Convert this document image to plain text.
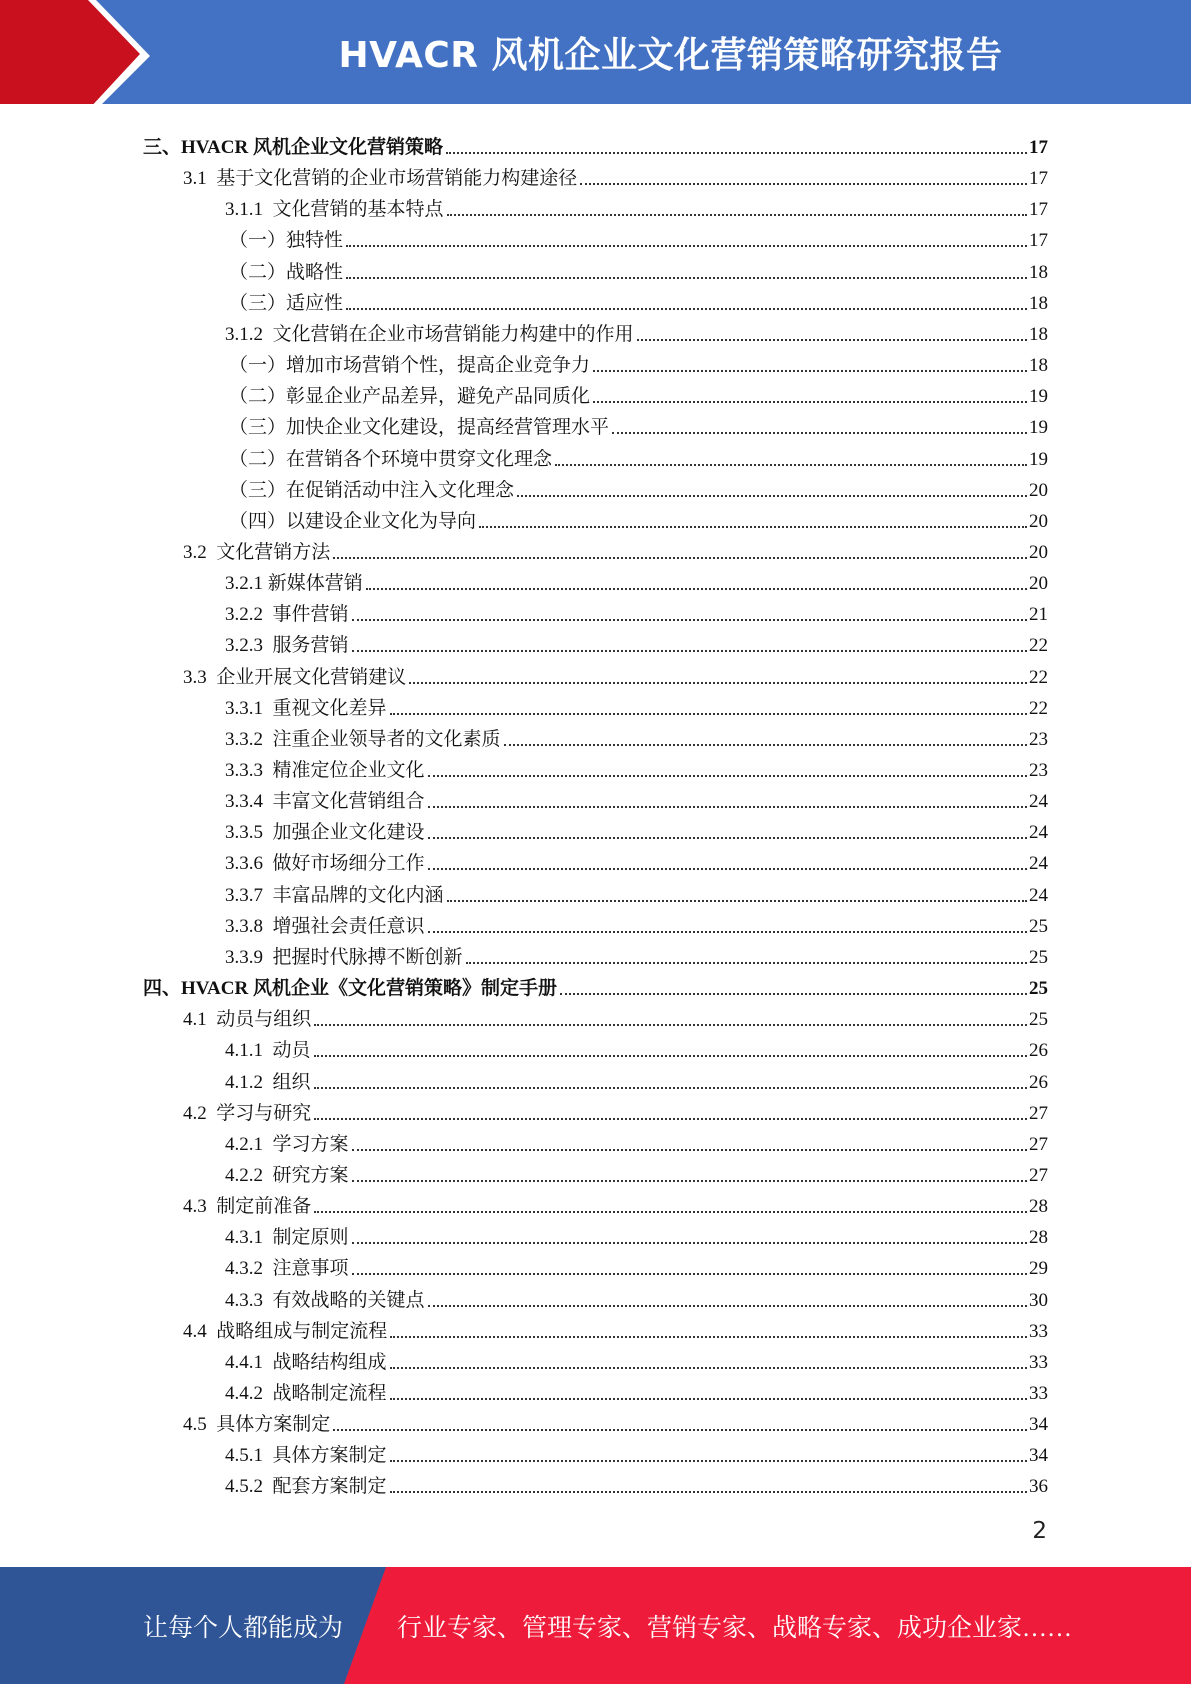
HVACR 风机企业文化营销策略研究报告
三、HVACR 风机企业文化营销策略	17
3.1  基于文化营销的企业市场营销能力构建途径	17
3.1.1  文化营销的基本特点	17
（一）独特性	17
（二）战略性	18
（三）适应性	18
3.1.2  文化营销在企业市场营销能力构建中的作用	18
（一）增加市场营销个性，提高企业竞争力	18
（二）彰显企业产品差异，避免产品同质化	19
（三）加快企业文化建设，提高经营管理水平	19
（二）在营销各个环境中贯穿文化理念	19
（三）在促销活动中注入文化理念	20
（四）以建设企业文化为导向	20
3.2  文化营销方法	20
3.2.1 新媒体营销	20
3.2.2  事件营销	21
3.2.3  服务营销	22
3.3  企业开展文化营销建议	22
3.3.1  重视文化差异	22
3.3.2  注重企业领导者的文化素质	23
3.3.3  精准定位企业文化	23
3.3.4  丰富文化营销组合	24
3.3.5  加强企业文化建设	24
3.3.6  做好市场细分工作	24
3.3.7  丰富品牌的文化内涵	24
3.3.8  增强社会责任意识	25
3.3.9  把握时代脉搏不断创新	25
四、HVACR 风机企业《文化营销策略》制定手册	25
4.1  动员与组织	25
4.1.1  动员	26
4.1.2  组织	26
4.2  学习与研究	27
4.2.1  学习方案	27
4.2.2  研究方案	27
4.3  制定前准备	28
4.3.1  制定原则	28
4.3.2  注意事项	29
4.3.3  有效战略的关键点	30
4.4  战略组成与制定流程	33
4.4.1  战略结构组成	33
4.4.2  战略制定流程	33
4.5  具体方案制定	34
4.5.1  具体方案制定	34
4.5.2  配套方案制定	36
2
让每个人都能成为 行业专家、管理专家、营销专家、战略专家、成功企业家……
